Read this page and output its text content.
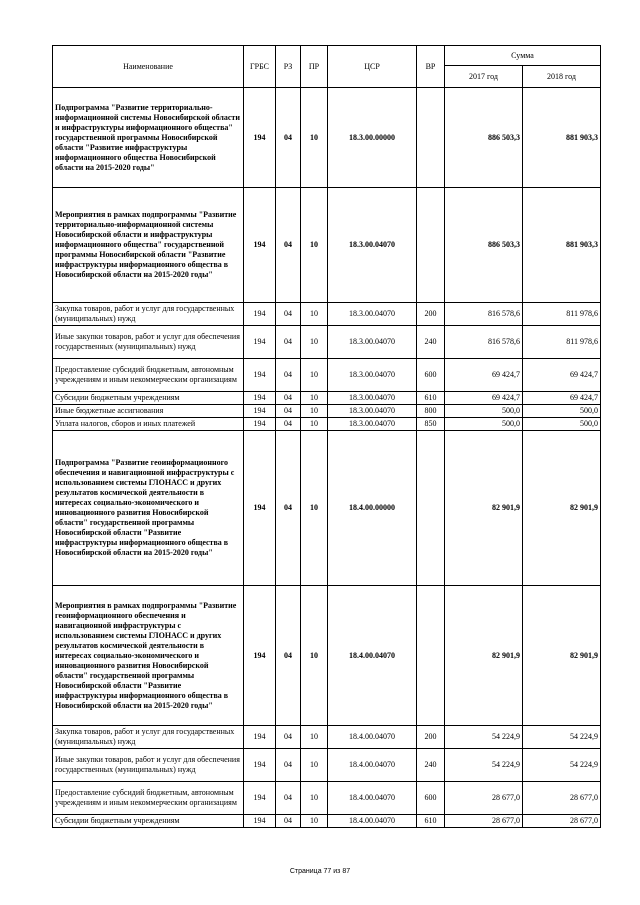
Наименование	ГРБС	РЗ	ПР	ЦСР	ВР	Сумма	
						2017 год	2018 год
Подпрограмма "Развитие территориально-информационной системы Новосибирской области и инфраструктуры информационного общества" государственной программы Новосибирской области "Развитие инфраструктуры информационного общества Новосибирской области на 2015-2020 годы"	194	04	10	18.3.00.00000		886 503,3	881 903,3
Мероприятия в рамках подпрограммы "Развитие территориально-информационной системы Новосибирской области и инфраструктуры информационного общества" государственной программы Новосибирской области "Развитие инфраструктуры информационного общества в Новосибирской области на 2015-2020 годы"	194	04	10	18.3.00.04070		886 503,3	881 903,3
Закупка товаров, работ и услуг для государственных (муниципальных) нужд	194	04	10	18.3.00.04070	200	816 578,6	811 978,6
Иные закупки товаров, работ и услуг для обеспечения государственных (муниципальных) нужд	194	04	10	18.3.00.04070	240	816 578,6	811 978,6
Предоставление субсидий бюджетным, автономным учреждениям и иным некоммерческим организациям	194	04	10	18.3.00.04070	600	69 424,7	69 424,7
Субсидии бюджетным учреждениям	194	04	10	18.3.00.04070	610	69 424,7	69 424,7
Иные бюджетные ассигнования	194	04	10	18.3.00.04070	800	500,0	500,0
Уплата налогов, сборов и иных платежей	194	04	10	18.3.00.04070	850	500,0	500,0
Подпрограмма "Развитие геоинформационного обеспечения и навигационной инфраструктуры с использованием системы ГЛОНАСС и других результатов космической деятельности в интересах социально-экономического и инновационного развития Новосибирской области" государственной программы Новосибирской области "Развитие инфраструктуры информационного общества в Новосибирской области на 2015-2020 годы"	194	04	10	18.4.00.00000		82 901,9	82 901,9
Мероприятия в рамках подпрограммы "Развитие геоинформационного обеспечения и навигационной инфраструктуры с использованием системы ГЛОНАСС и других результатов космической деятельности в интересах социально-экономического и инновационного развития Новосибирской области" государственной программы Новосибирской области "Развитие инфраструктуры информационного общества в Новосибирской области на 2015-2020 годы"	194	04	10	18.4.00.04070		82 901,9	82 901,9
Закупка товаров, работ и услуг для государственных (муниципальных) нужд	194	04	10	18.4.00.04070	200	54 224,9	54 224,9
Иные закупки товаров, работ и услуг для обеспечения государственных (муниципальных) нужд	194	04	10	18.4.00.04070	240	54 224,9	54 224,9
Предоставление субсидий бюджетным, автономным учреждениям и иным некоммерческим организациям	194	04	10	18.4.00.04070	600	28 677,0	28 677,0
Субсидии бюджетным учреждениям	194	04	10	18.4.00.04070	610	28 677,0	28 677,0
Страница 77 из 87
